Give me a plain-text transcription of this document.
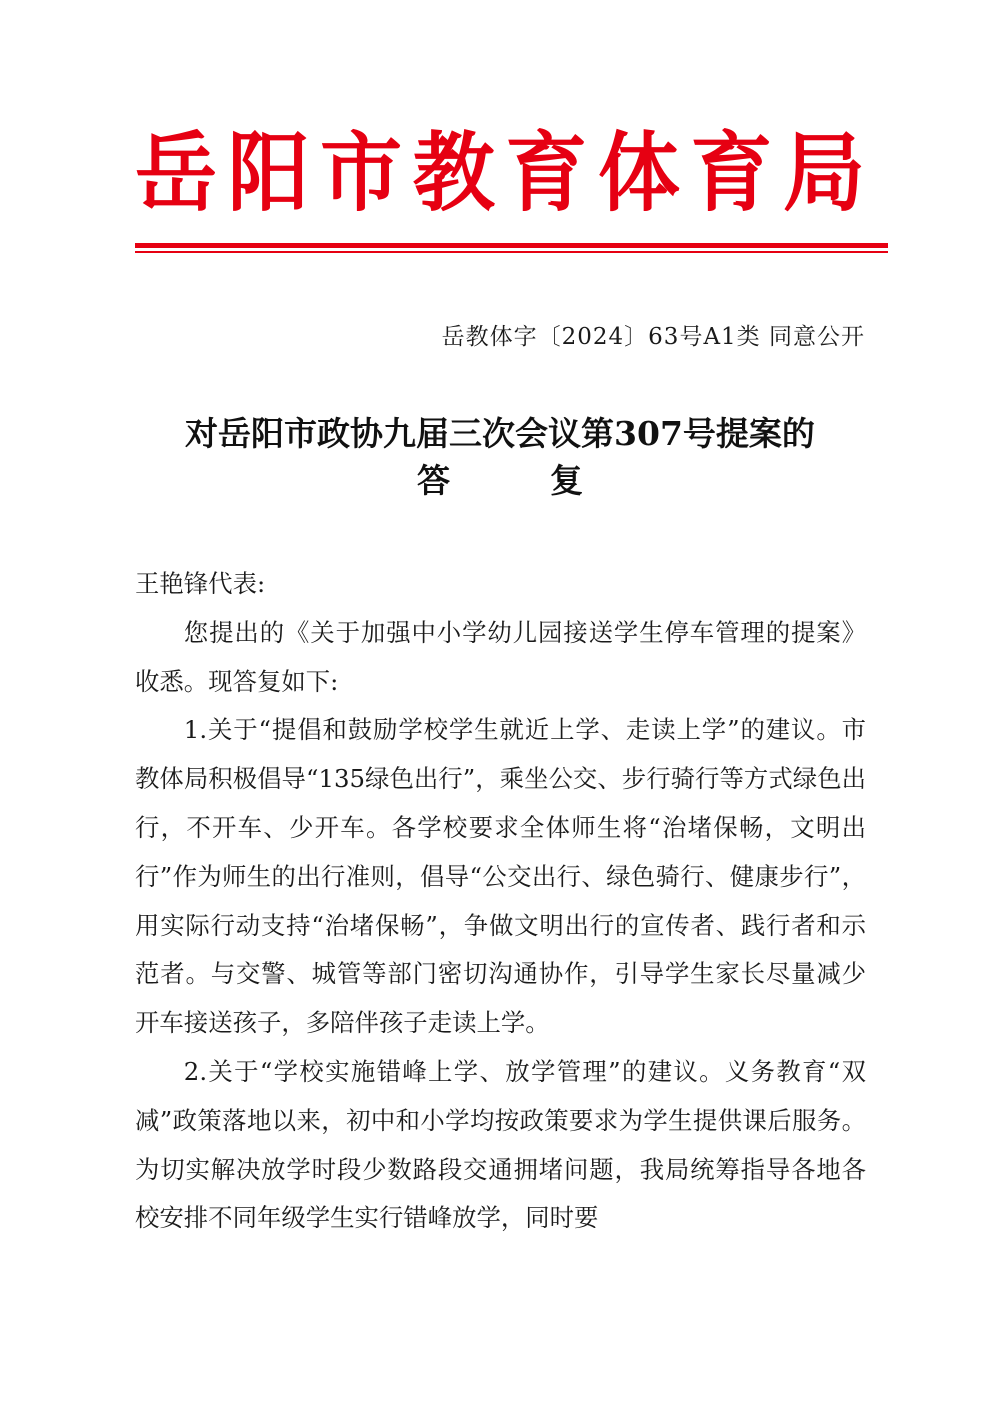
岳 阳 市 教 育 体 育 局
岳教体字〔2024〕63号A1类 同意公开
对岳阳市政协九届三次会议第307号提案的
答复

王艳锋代表:

您提出的《关于加强中小学幼儿园接送学生停车管理的提案》收悉。现答复如下:

1.关于“提倡和鼓励学校学生就近上学、走读上学”的建议。市教体局积极倡导“135绿色出行”，乘坐公交、步行骑行等方式绿色出行，不开车、少开车。各学校要求全体师生将“治堵保畅，文明出行”作为师生的出行准则，倡导“公交出行、绿色骑行、健康步行”，用实际行动支持“治堵保畅”，争做文明出行的宣传者、践行者和示范者。与交警、城管等部门密切沟通协作，引导学生家长尽量减少开车接送孩子，多陪伴孩子走读上学。

2.关于“学校实施错峰上学、放学管理”的建议。义务教育“双减”政策落地以来，初中和小学均按政策要求为学生提供课后服务。为切实解决放学时段少数路段交通拥堵问题，我局统筹指导各地各校安排不同年级学生实行错峰放学，同时要
